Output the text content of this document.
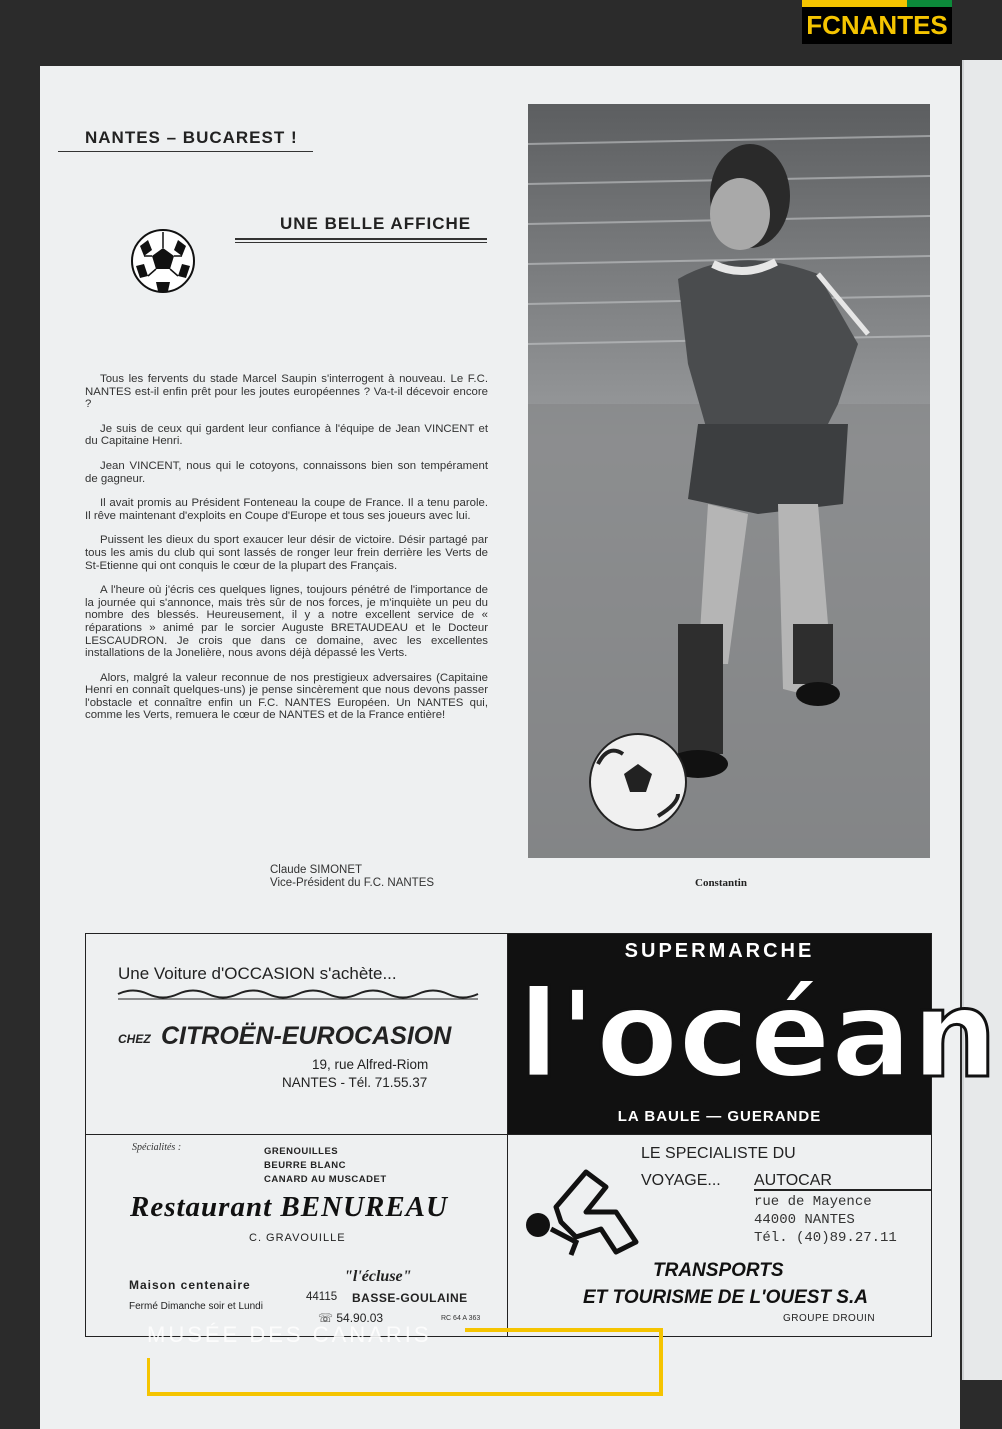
FCNANTES
NANTES – BUCAREST !
UNE BELLE AFFICHE

Tous les fervents du stade Marcel Saupin s'interrogent à nouveau. Le F.C. NANTES est-il enfin prêt pour les joutes européennes ? Va-t-il décevoir encore ?

Je suis de ceux qui gardent leur confiance à l'équipe de Jean VINCENT et du Capitaine Henri.

Jean VINCENT, nous qui le cotoyons, connaissons bien son tempérament de gagneur.

Il avait promis au Président Fonteneau la coupe de France. Il a tenu parole. Il rêve maintenant d'exploits en Coupe d'Europe et tous ses joueurs avec lui.

Puissent les dieux du sport exaucer leur désir de victoire. Désir partagé par tous les amis du club qui sont lassés de ronger leur frein derrière les Verts de St-Etienne qui ont conquis le cœur de la plupart des Français.

A l'heure où j'écris ces quelques lignes, toujours pénétré de l'importance de la journée qui s'annonce, mais très sûr de nos forces, je m'inquiète un peu du nombre des blessés. Heureusement, il y a notre excellent service de « réparations » animé par le sorcier Auguste BRETAUDEAU et le Docteur LESCAUDRON. Je crois que dans ce domaine, avec les excellentes installations de la Jonelière, nous avons déjà dépassé les Verts.

Alors, malgré la valeur reconnue de nos prestigieux adversaires (Capitaine Henri en connaît quelques-uns) je pense sincèrement que nous devons passer l'obstacle et connaître enfin un F.C. NANTES Européen. Un NANTES qui, comme les Verts, remuera le cœur de NANTES et de la France entière!

Claude SIMONET
Vice-Président du F.C. NANTES	Constantin
Une Voiture d'OCCASION s'achète...
CHEZ CITROËN-EUROCASION
19, rue Alfred-Riom
NANTES - Tél. 71.55.37
SUPERMARCHE
l'océan
LA BAULE — GUERANDE
Spécialités :	GRENOUILLES
BEURRE BLANC
CANARD AU MUSCADET
Restaurant BENUREAU
C. GRAVOUILLE
Maison centenaire
Fermé Dimanche soir et Lundi
"l'écluse"
44115 BASSE-GOULAINE
☏ 54.90.03	RC 64 A 363
LE SPECIALISTE DU
VOYAGE... AUTOCAR
rue de Mayence
44000 NANTES
Tél. (40)89.27.11
TRANSPORTS
ET TOURISME DE L'OUEST S.A
GROUPE DROUIN
MUSÉE DES CANARIS
